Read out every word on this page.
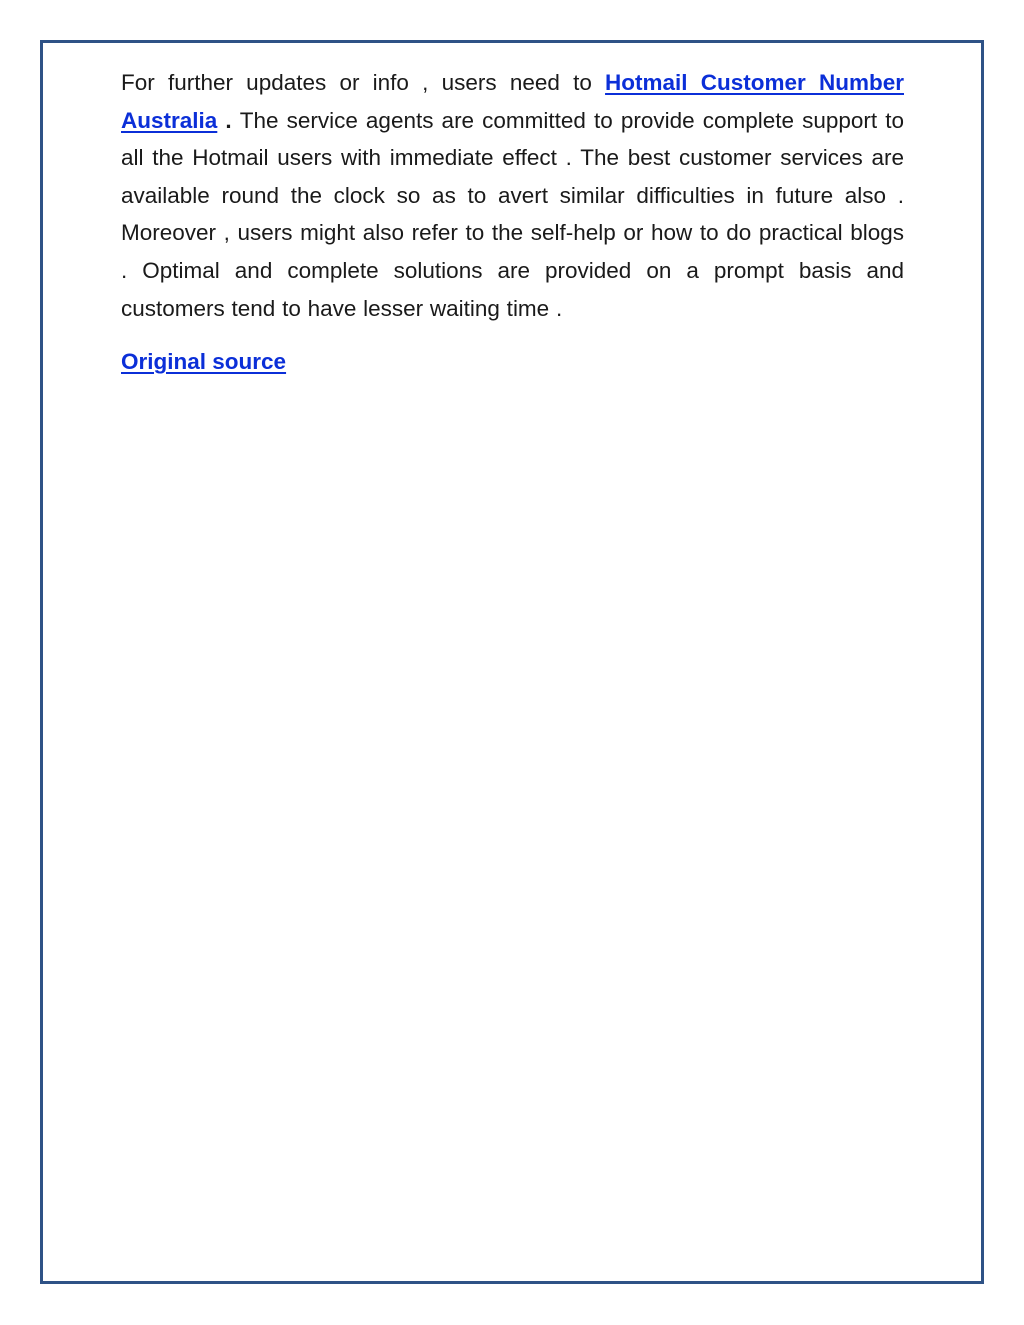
For further updates or info , users need to Hotmail Customer Number Australia . The service agents are committed to provide complete support to all the Hotmail users with immediate effect . The best customer services are available round the clock so as to avert similar difficulties in future also . Moreover , users might also refer to the self-help or how to do practical blogs . Optimal and complete solutions are provided on a prompt basis and customers tend to have lesser waiting time .

Original source
